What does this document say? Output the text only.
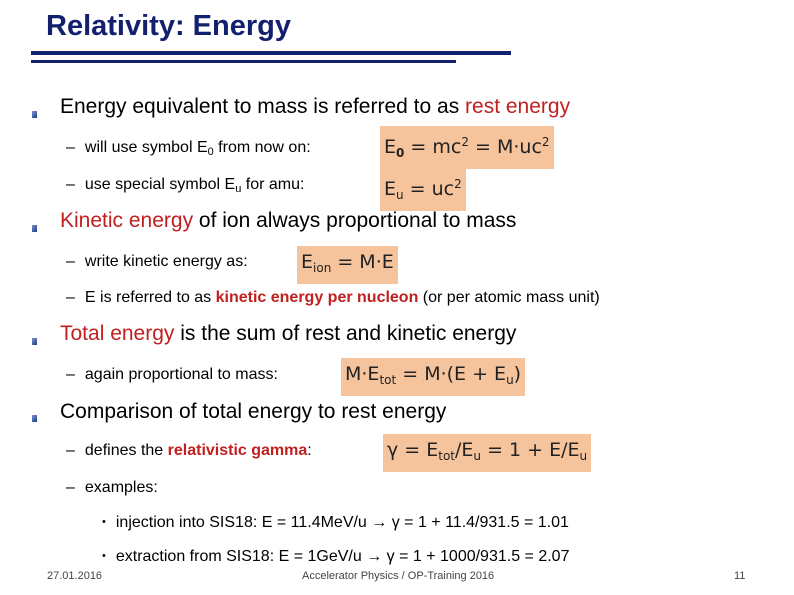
Relativity: Energy
Energy equivalent to mass is referred to as rest energy
– will use symbol $E_0$ from now on:	$E_0 = mc^2 = M\cdot uc^2$
– use special symbol $E_u$ for amu:	$E_u = uc^2$
Kinetic energy of ion always proportional to mass
– write kinetic energy as:	$E_{ion} = M\cdot E$
– E is referred to as kinetic energy per nucleon (or per atomic mass unit)
Total energy is the sum of rest and kinetic energy
– again proportional to mass:	$M\cdot E_{tot} = M\cdot(E + E_u)$
Comparison of total energy to rest energy
– defines the relativistic gamma:	$\gamma = E_{tot}/E_u = 1 + E/E_u$
– examples:
• injection into SIS18: E = 11.4MeV/u → γ = 1 + 11.4/931.5 = 1.01
• extraction from SIS18: E = 1GeV/u → γ = 1 + 1000/931.5 = 2.07
27.01.2016	Accelerator Physics / OP-Training 2016	11
